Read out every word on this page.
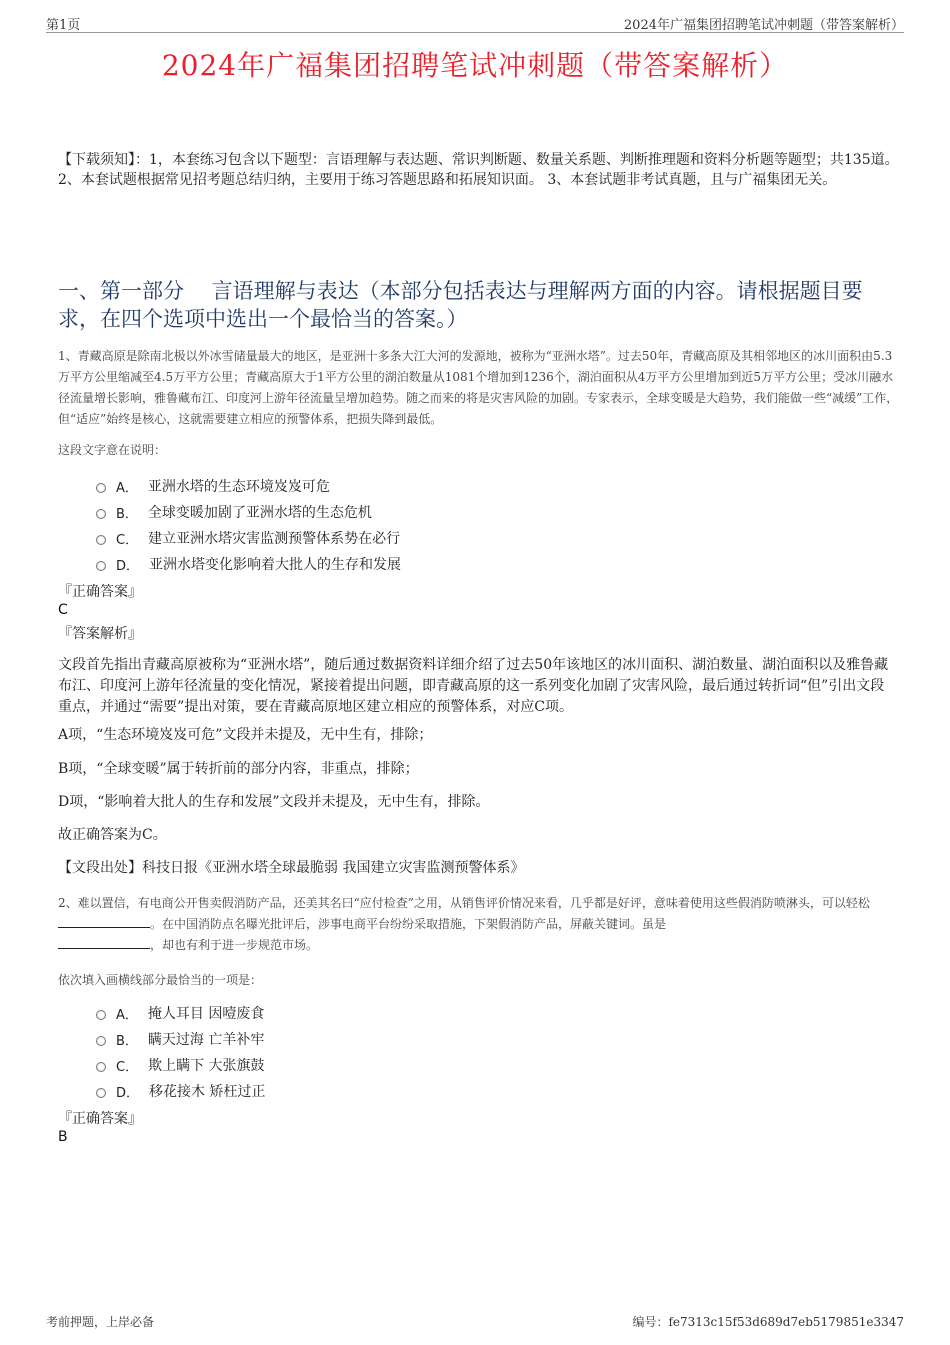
第1页	2024年广福集团招聘笔试冲刺题（带答案解析）
2024年广福集团招聘笔试冲刺题（带答案解析）
【下载须知】：1，本套练习包含以下题型：言语理解与表达题、常识判断题、数量关系题、判断推理题和资料分析题等题型；共135道。 2、本套试题根据常见招考题总结归纳，主要用于练习答题思路和拓展知识面。 3、本套试题非考试真题，且与广福集团无关。
一、第一部分 　言语理解与表达（本部分包括表达与理解两方面的内容。请根据题目要求，在四个选项中选出一个最恰当的答案。）
1、青藏高原是除南北极以外冰雪储量最大的地区，是亚洲十多条大江大河的发源地，被称为“亚洲水塔”。过去50年，青藏高原及其相邻地区的冰川面积由5.3万平方公里缩减至4.5万平方公里；青藏高原大于1平方公里的湖泊数量从1081个增加到1236个，湖泊面积从4万平方公里增加到近5万平方公里；受冰川融水径流量增长影响，雅鲁藏布江、印度河上游年径流量呈增加趋势。随之而来的将是灾害风险的加剧。专家表示，全球变暖是大趋势，我们能做一些“减缓”工作，但“适应”始终是核心，这就需要建立相应的预警体系，把损失降到最低。
这段文字意在说明：
A． 亚洲水塔的生态环境岌岌可危
B． 全球变暖加剧了亚洲水塔的生态危机
C． 建立亚洲水塔灾害监测预警体系势在必行
D． 亚洲水塔变化影响着大批人的生存和发展
『正确答案』
C
『答案解析』
文段首先指出青藏高原被称为“亚洲水塔”，随后通过数据资料详细介绍了过去50年该地区的冰川面积、湖泊数量、湖泊面积以及雅鲁藏布江、印度河上游年径流量的变化情况，紧接着提出问题，即青藏高原的这一系列变化加剧了灾害风险，最后通过转折词“但”引出文段重点，并通过“需要”提出对策，要在青藏高原地区建立相应的预警体系，对应C项。
A项，“生态环境岌岌可危”文段并未提及，无中生有，排除；
B项，“全球变暖”属于转折前的部分内容，非重点，排除；
D项，“影响着大批人的生存和发展”文段并未提及，无中生有，排除。
故正确答案为C。
【文段出处】科技日报《亚洲水塔全球最脆弱 我国建立灾害监测预警体系》
2、难以置信，有电商公开售卖假消防产品，还美其名曰“应付检查”之用，从销售评价情况来看，几乎都是好评，意味着使用这些假消防喷淋头，可以轻松 。在中国消防点名曝光批评后，涉事电商平台纷纷采取措施，下架假消防产品，屏蔽关键词。虽是
，却也有利于进一步规范市场。
依次填入画横线部分最恰当的一项是：
A． 掩人耳目 因噎废食
B． 瞒天过海 亡羊补牢
C． 欺上瞒下 大张旗鼓
D． 移花接木 矫枉过正
『正确答案』
B
考前押题，上岸必备	编号：fe7313c15f53d689d7eb5179851e3347
